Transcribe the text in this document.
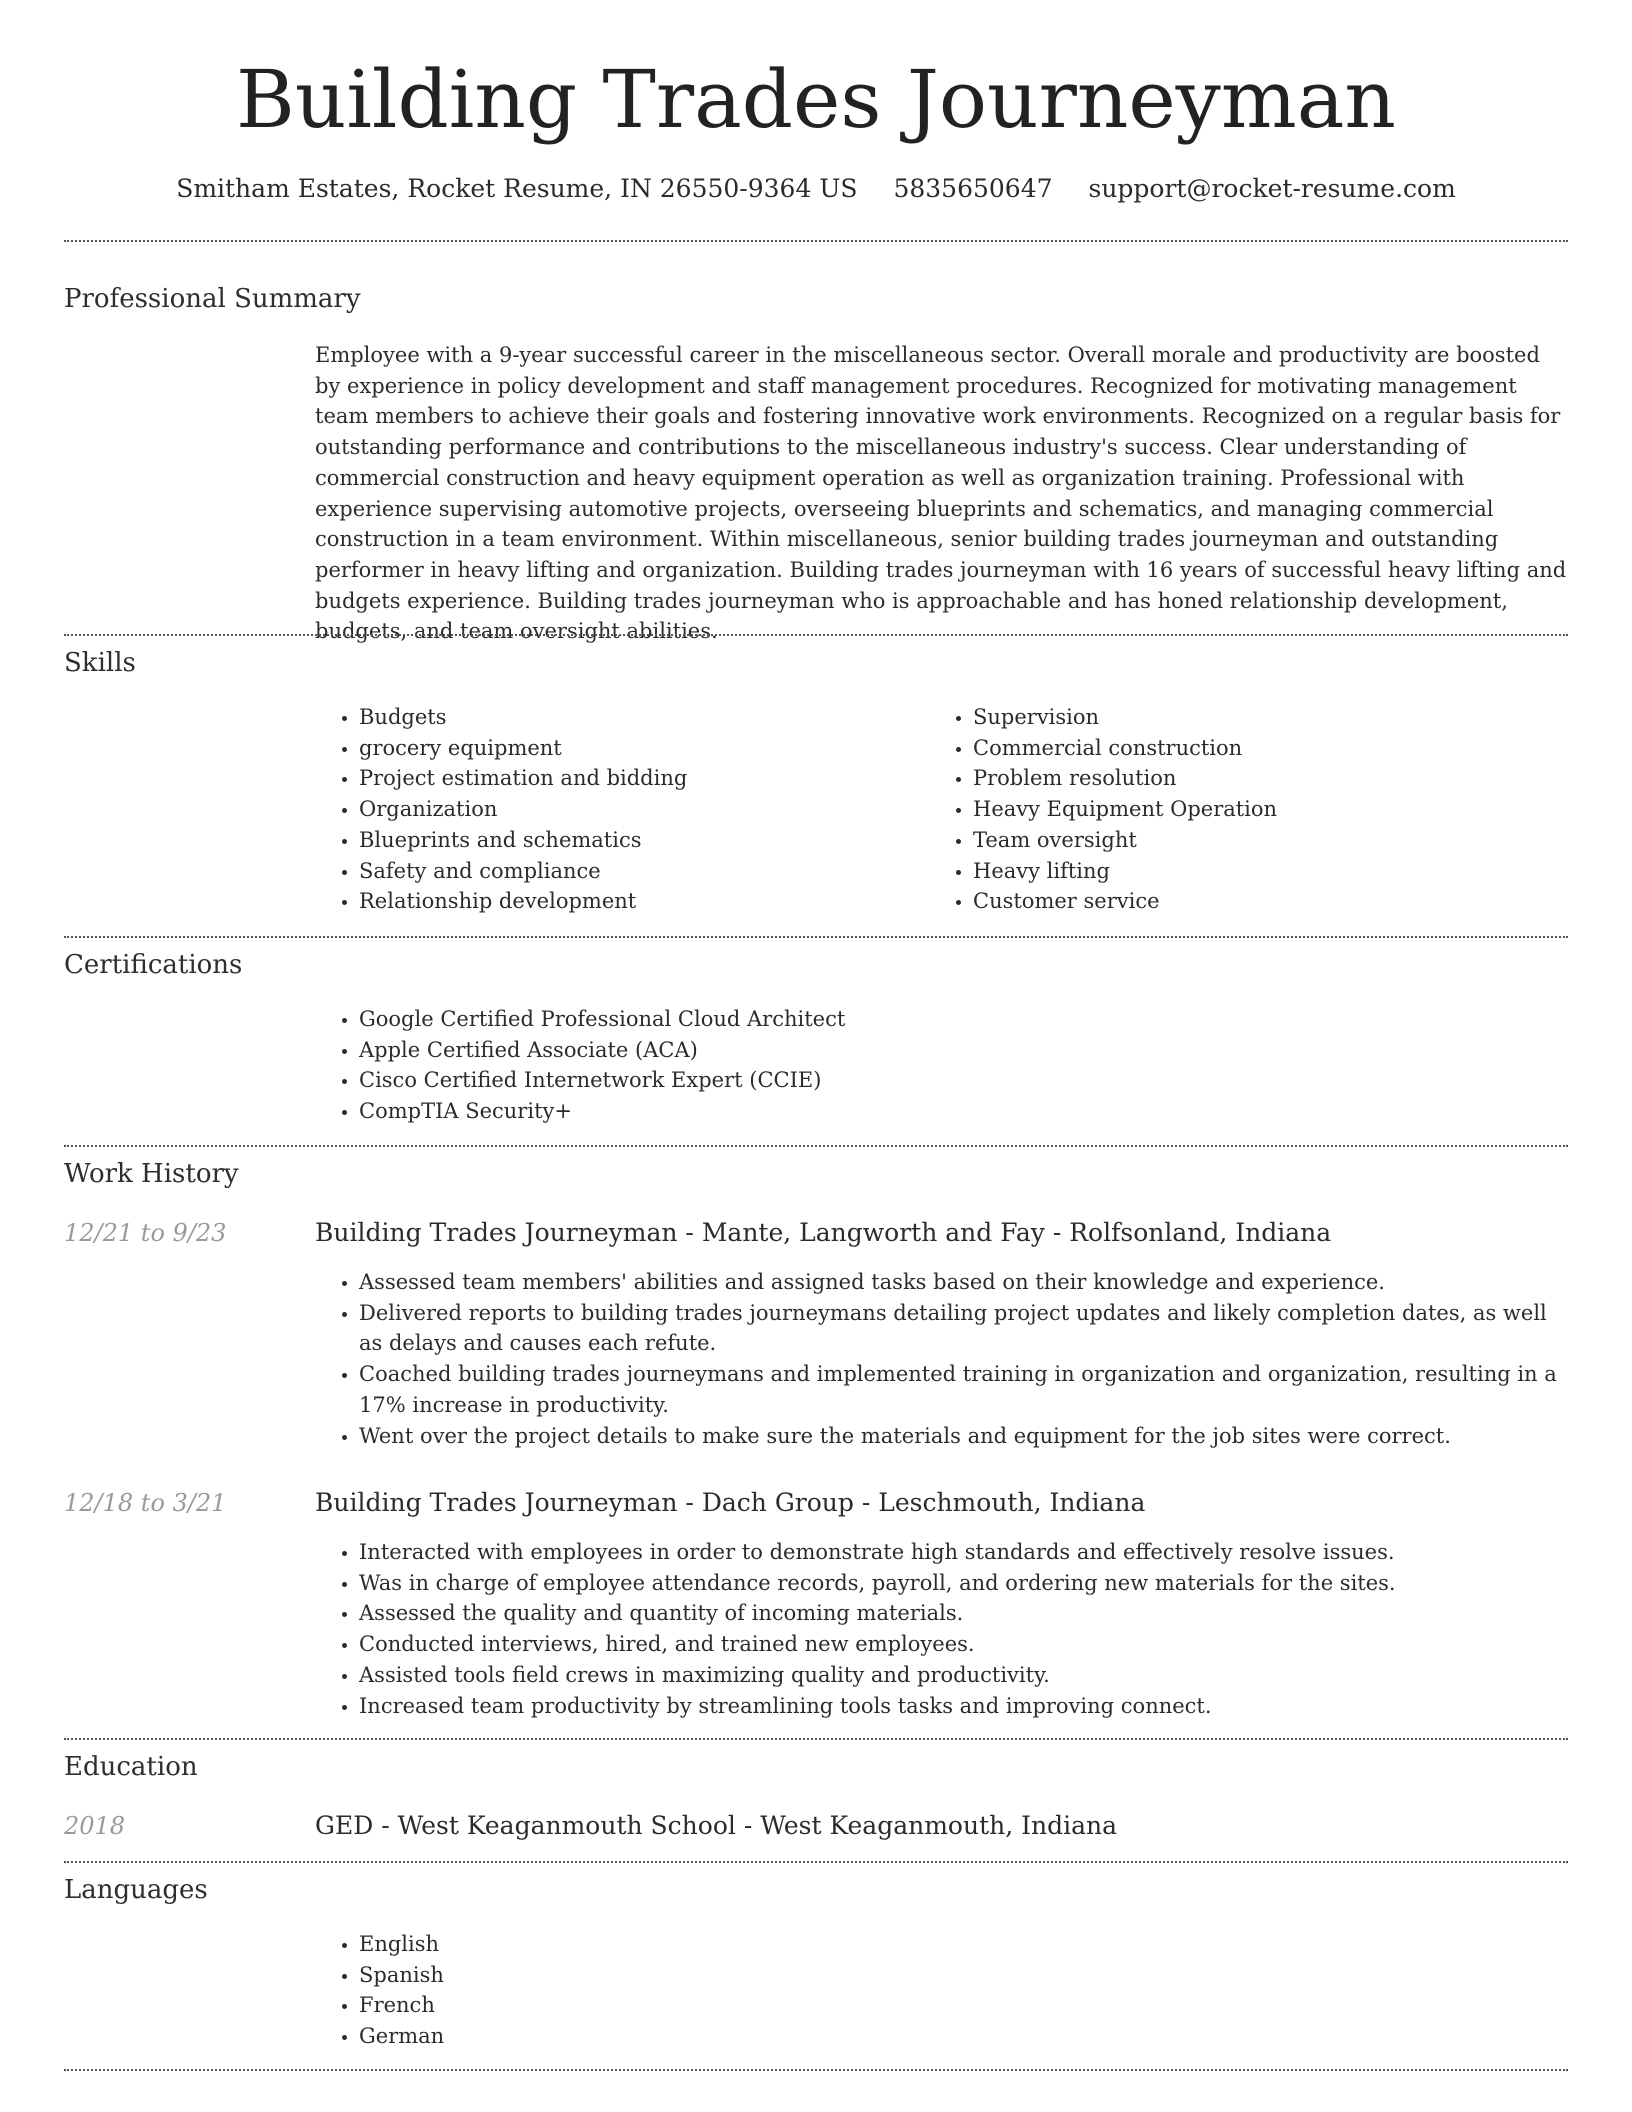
Building Trades Journeyman
Smitham Estates, Rocket Resume, IN 26550-9364 US 5835650647 support@rocket-resume.com
Professional Summary

Employee with a 9-year successful career in the miscellaneous sector. Overall morale and productivity are boosted by experience in policy development and staff management procedures. Recognized for motivating management team members to achieve their goals and fostering innovative work environments. Recognized on a regular basis for outstanding performance and contributions to the miscellaneous industry's success. Clear understanding of commercial construction and heavy equipment operation as well as organization training. Professional with experience supervising automotive projects, overseeing blueprints and schematics, and managing commercial construction in a team environment. Within miscellaneous, senior building trades journeyman and outstanding performer in heavy lifting and organization. Building trades journeyman with 16 years of successful heavy lifting and budgets experience. Building trades journeyman who is approachable and has honed relationship development, budgets, and team oversight abilities.

Skills
• Budgets
• grocery equipment
• Project estimation and bidding
• Organization
• Blueprints and schematics
• Safety and compliance
• Relationship development
• Supervision
• Commercial construction
• Problem resolution
• Heavy Equipment Operation
• Team oversight
• Heavy lifting
• Customer service
Certifications
• Google Certified Professional Cloud Architect
• Apple Certified Associate (ACA)
• Cisco Certified Internetwork Expert (CCIE)
• CompTIA Security+
Work History
12/21 to 9/23	Building Trades Journeyman - Mante, Langworth and Fay - Rolfsonland, Indiana
• Assessed team members' abilities and assigned tasks based on their knowledge and experience.
• Delivered reports to building trades journeymans detailing project updates and likely completion dates, as well as delays and causes each refute.
• Coached building trades journeymans and implemented training in organization and organization, resulting in a 17% increase in productivity.
• Went over the project details to make sure the materials and equipment for the job sites were correct.
12/18 to 3/21	Building Trades Journeyman - Dach Group - Leschmouth, Indiana
• Interacted with employees in order to demonstrate high standards and effectively resolve issues.
• Was in charge of employee attendance records, payroll, and ordering new materials for the sites.
• Assessed the quality and quantity of incoming materials.
• Conducted interviews, hired, and trained new employees.
• Assisted tools field crews in maximizing quality and productivity.
• Increased team productivity by streamlining tools tasks and improving connect.
Education
2018	GED - West Keaganmouth School - West Keaganmouth, Indiana
Languages
• English
• Spanish
• French
• German
